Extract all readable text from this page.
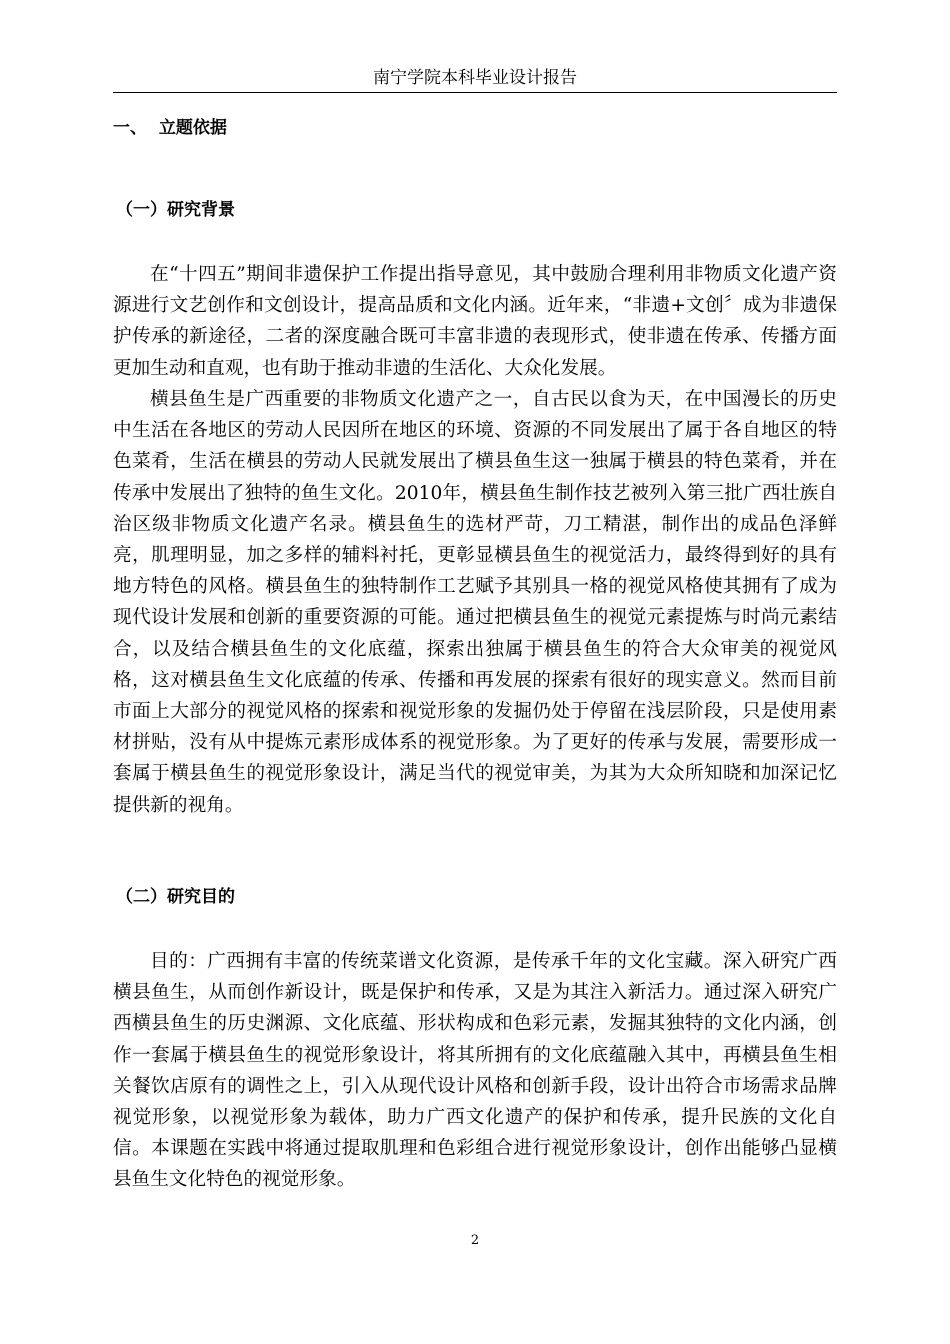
南宁学院本科毕业设计报告
一、  立题依据
（一）研究背景

在“十四五”期间非遗保护工作提出指导意见，其中鼓励合理利用非物质文化遗产资源进行文艺创作和文创设计，提高品质和文化内涵。近年来，“非遗+文创〞成为非遗保护传承的新途径，二者的深度融合既可丰富非遗的表现形式，使非遗在传承、传播方面更加生动和直观，也有助于推动非遗的生活化、大众化发展。

横县鱼生是广西重要的非物质文化遗产之一，自古民以食为天，在中国漫长的历史中生活在各地区的劳动人民因所在地区的环境、资源的不同发展出了属于各自地区的特色菜肴，生活在横县的劳动人民就发展出了横县鱼生这一独属于横县的特色菜肴，并在传承中发展出了独特的鱼生文化。2010年，横县鱼生制作技艺被列入第三批广西壮族自治区级非物质文化遗产名录。横县鱼生的选材严苛，刀工精湛，制作出的成品色泽鲜亮，肌理明显，加之多样的辅料衬托，更彰显横县鱼生的视觉活力，最终得到好的具有地方特色的风格。横县鱼生的独特制作工艺赋予其别具一格的视觉风格使其拥有了成为现代设计发展和创新的重要资源的可能。通过把横县鱼生的视觉元素提炼与时尚元素结合，以及结合横县鱼生的文化底蕴，探索出独属于横县鱼生的符合大众审美的视觉风格，这对横县鱼生文化底蕴的传承、传播和再发展的探索有很好的现实意义。然而目前市面上大部分的视觉风格的探索和视觉形象的发掘仍处于停留在浅层阶段，只是使用素材拼贴，没有从中提炼元素形成体系的视觉形象。为了更好的传承与发展，需要形成一套属于横县鱼生的视觉形象设计，满足当代的视觉审美，为其为大众所知晓和加深记忆提供新的视角。

（二）研究目的

目的：广西拥有丰富的传统菜谱文化资源，是传承千年的文化宝藏。深入研究广西横县鱼生，从而创作新设计，既是保护和传承，又是为其注入新活力。通过深入研究广西横县鱼生的历史渊源、文化底蕴、形状构成和色彩元素，发掘其独特的文化内涵，创作一套属于横县鱼生的视觉形象设计，将其所拥有的文化底蕴融入其中，再横县鱼生相关餐饮店原有的调性之上，引入从现代设计风格和创新手段，设计出符合市场需求品牌视觉形象，以视觉形象为载体，助力广西文化遗产的保护和传承，提升民族的文化自信。本课题在实践中将通过提取肌理和色彩组合进行视觉形象设计，创作出能够凸显横县鱼生文化特色的视觉形象。

2
